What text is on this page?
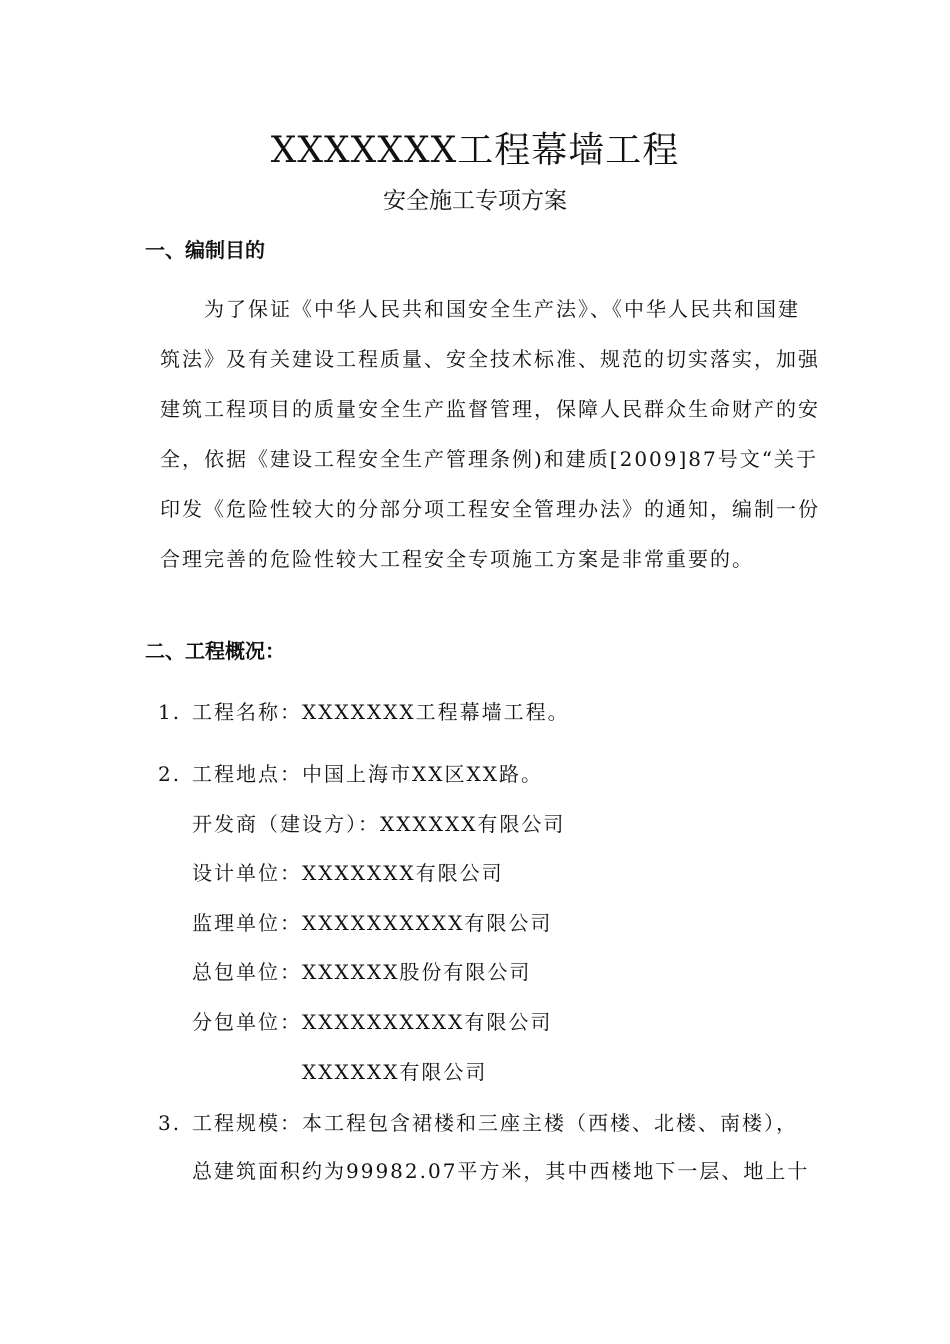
XXXXXXX工程幕墙工程
安全施工专项方案
一、编制目的

为了保证《中华人民共和国安全生产法》、《中华人民共和国建筑法》及有关建设工程质量、安全技术标准、规范的切实落实，加强建筑工程项目的质量安全生产监督管理，保障人民群众生命财产的安全，依据《建设工程安全生产管理条例)和建质[2009]87号文“关于印发《危险性较大的分部分项工程安全管理办法》的通知，编制一份合理完善的危险性较大工程安全专项施工方案是非常重要的。

二、工程概况：
1. 工程名称：XXXXXXX工程幕墙工程。
2. 工程地点：中国上海市XX区XX路。
开发商（建设方）：XXXXXX有限公司
设计单位：XXXXXXX有限公司
监理单位：XXXXXXXXXX有限公司
总包单位：XXXXXX股份有限公司
分包单位：XXXXXXXXXX有限公司
XXXXXX有限公司
3. 工程规模：本工程包含裙楼和三座主楼（西楼、北楼、南楼），
总建筑面积约为99982.07平方米，其中西楼地下一层、地上十
